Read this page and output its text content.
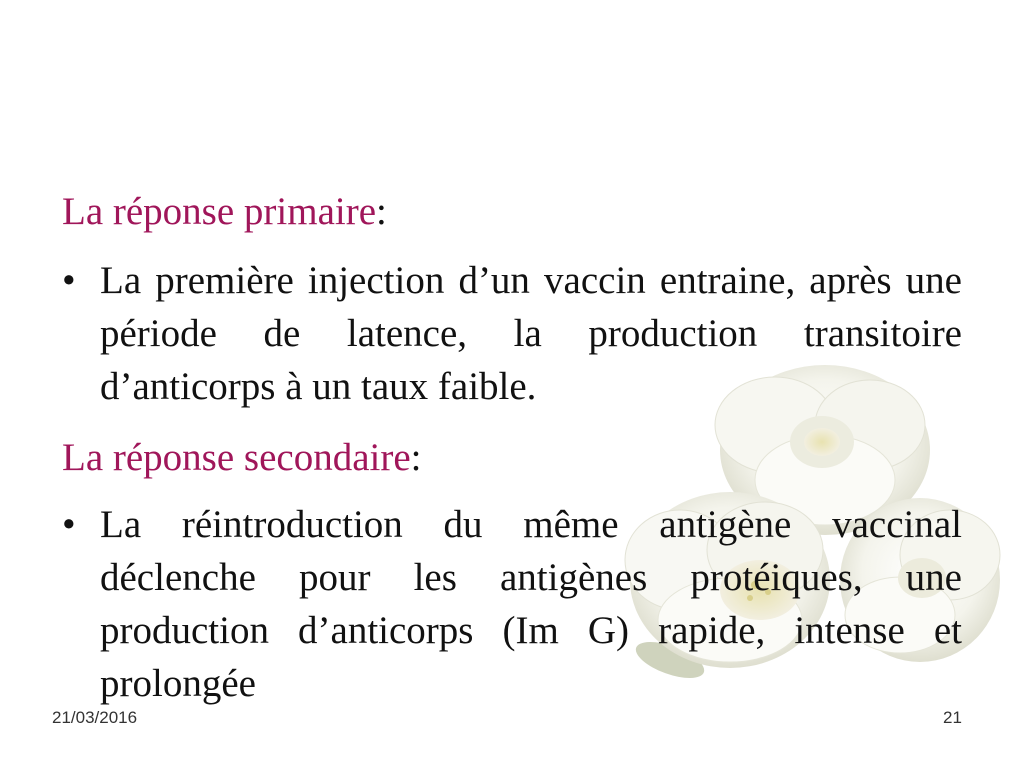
La réponse primaire:
• La première injection d’un vaccin entraine, après une période de latence, la production transitoire d’anticorps à un taux faible.
La réponse secondaire:
• La réintroduction du même antigène vaccinal déclenche pour les antigènes protéiques, une production d’anticorps (Im G) rapide, intense et prolongée
21/03/2016	21
